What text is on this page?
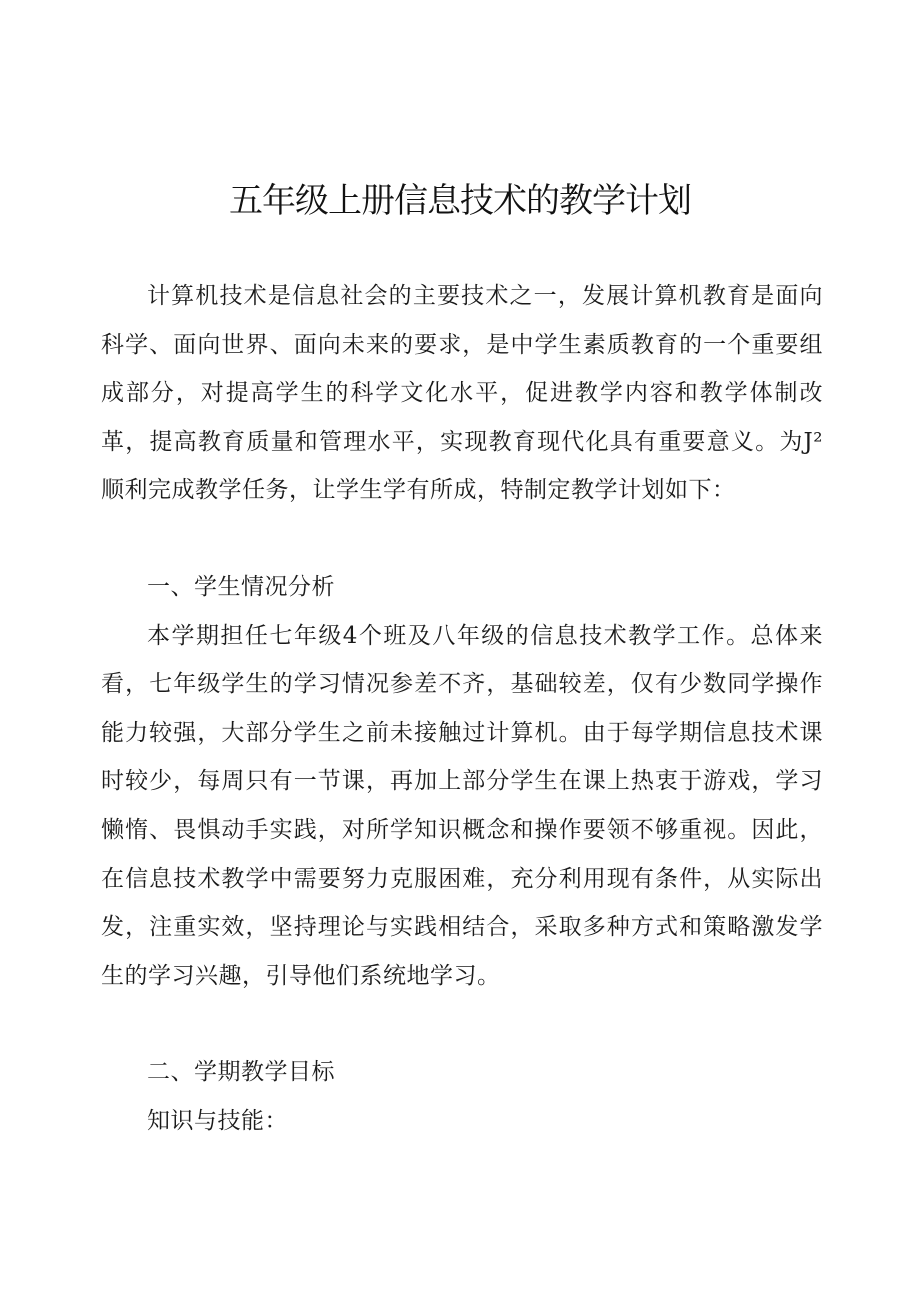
五年级上册信息技术的教学计划

计算机技术是信息社会的主要技术之一，发展计算机教育是面向科学、面向世界、面向未来的要求，是中学生素质教育的一个重要组成部分，对提高学生的科学文化水平，促进教学内容和教学体制改革，提高教育质量和管理水平，实现教育现代化具有重要意义。为J²顺利完成教学任务，让学生学有所成，特制定教学计划如下：

一、学生情况分析

本学期担任七年级4个班及八年级的信息技术教学工作。总体来看，七年级学生的学习情况参差不齐，基础较差，仅有少数同学操作能力较强，大部分学生之前未接触过计算机。由于每学期信息技术课时较少，每周只有一节课，再加上部分学生在课上热衷于游戏，学习懒惰、畏惧动手实践，对所学知识概念和操作要领不够重视。因此，在信息技术教学中需要努力克服困难，充分利用现有条件，从实际出发，注重实效，坚持理论与实践相结合，采取多种方式和策略激发学生的学习兴趣，引导他们系统地学习。

二、学期教学目标

知识与技能：
